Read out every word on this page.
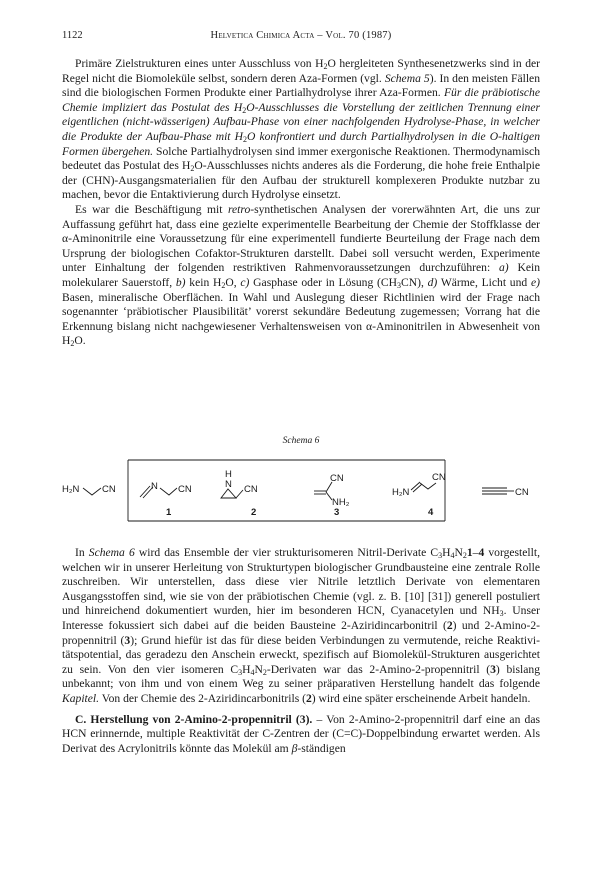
1122	Helvetica Chimica Acta – Vol. 70 (1987)

Primäre Zielstrukturen eines unter Ausschluss von $H_2O$ hergleiteten Synthesenetzwerks sind in der Regel nicht die Biomoleküle selbst, sondern deren Aza-Formen (vgl. Schema 5). In den meisten Fällen sind die biologischen Formen Produkte einer Partialhydrolyse ihrer Aza-Formen. Für die präbiotische Chemie impliziert das Postulat des $H_2O$-Ausschlusses die Vorstellung der zeitlichen Trennung einer eigentlichen (nicht-wässerigen) Aufbau-Phase von einer nachfolgenden Hydrolyse-Phase, in welcher die Produkte der Aufbau-Phase mit $H_2O$ konfrontiert und durch Partialhydrolysen in die O-haltigen Formen übergehen. Solche Partialhydrolysen sind immer exergonische Reaktionen. Thermodynamisch bedeutet das Postulat des $H_2O$-Ausschlusses nichts anderes als die Forderung, die hohe freie Enthalpie der (CHN)-Ausgangsmaterialien für den Aufbau der strukturell komplexeren Produkte nutzbar zu machen, bevor die Entaktivierung durch Hydrolyse einsetzt.

Es war die Beschäftigung mit retro-synthetischen Analysen der vorerwähnten Art, die uns zur Auffassung geführt hat, dass eine gezielte experimentelle Bearbeitung der Chemie der Stoffklasse der α-Aminonitrile eine Voraussetzung für eine experimentell fundierte Beurteilung der Frage nach dem Ursprung der biologischen Cofaktor-Strukturen darstellt. Dabei soll versucht werden, Experimente unter Einhaltung der folgenden restriktiven Rahmenvoraussetzungen durchzuführen: a) Kein molekularer Sauerstoff, b) kein $H_2O$, c) Gasphase oder in Lösung $(CH_3CN)$, d) Wärme, Licht und e) Basen, mineralische Oberflächen. In Wahl und Auslegung dieser Richtlinien wird der Frage nach sogenannter ‘präbiotischer Plausibilität’ vorerst sekundäre Bedeutung zugemessen; Vorrang hat die Erkennung bislang nicht nachgewiesener Verhaltensweisen von α-Aminonitrilen in Abwesenheit von $H_2O$.

Schema 6
H₂N CN	N CN
1
H
N CN
2
CN
NH₂
3
H₂N
CN
4
CN

In Schema 6 wird das Ensemble der vier strukturisomeren Nitril-Derivate $C_3H_4N_21-4$ vorgestellt, welchen wir in unserer Herleitung von Strukturtypen biologischer Grundbausteine eine zentrale Rolle zuschreiben. Wir unterstellen, dass diese vier Nitrile letztlich Derivate von elementaren Ausgangsstoffen sind, wie sie von der präbiotischen Chemie (vgl. z. B. [10] [31]) generell postuliert und hinreichend dokumentiert wurden, hier im besonderen HCN, Cyanacetylen und $NH_3$. Unser Interesse fokussiert sich dabei auf die beiden Bausteine 2-Aziridincarbonitril (2) und 2-Amino-2-propennitril (3); Grund hiefür ist das für diese beiden Verbindungen zu vermutende, reiche Reaktivitätspotential, das geradezu den Anschein erweckt, spezifisch auf Biomolekül-Strukturen ausgerichtet zu sein. Von den vier isomeren $C_3H_4N_2$-Derivaten war das 2-Amino-2-propennitril (3) bislang unbekannt; von ihm und von einem Weg zu seiner präparativen Herstellung handelt das folgende Kapitel. Von der Chemie des 2-Aziridincarbonitrils (2) wird eine später erscheinende Arbeit handeln.

C. Herstellung von 2-Amino-2-propennitril (3). – Von 2-Amino-2-propennitril darf eine an das HCN erinnernde, multiple Reaktivität der C-Zentren der (C=C)-Doppelbindung erwartet werden. Als Derivat des Acrylonitrils könnte das Molekül am β-ständigen
